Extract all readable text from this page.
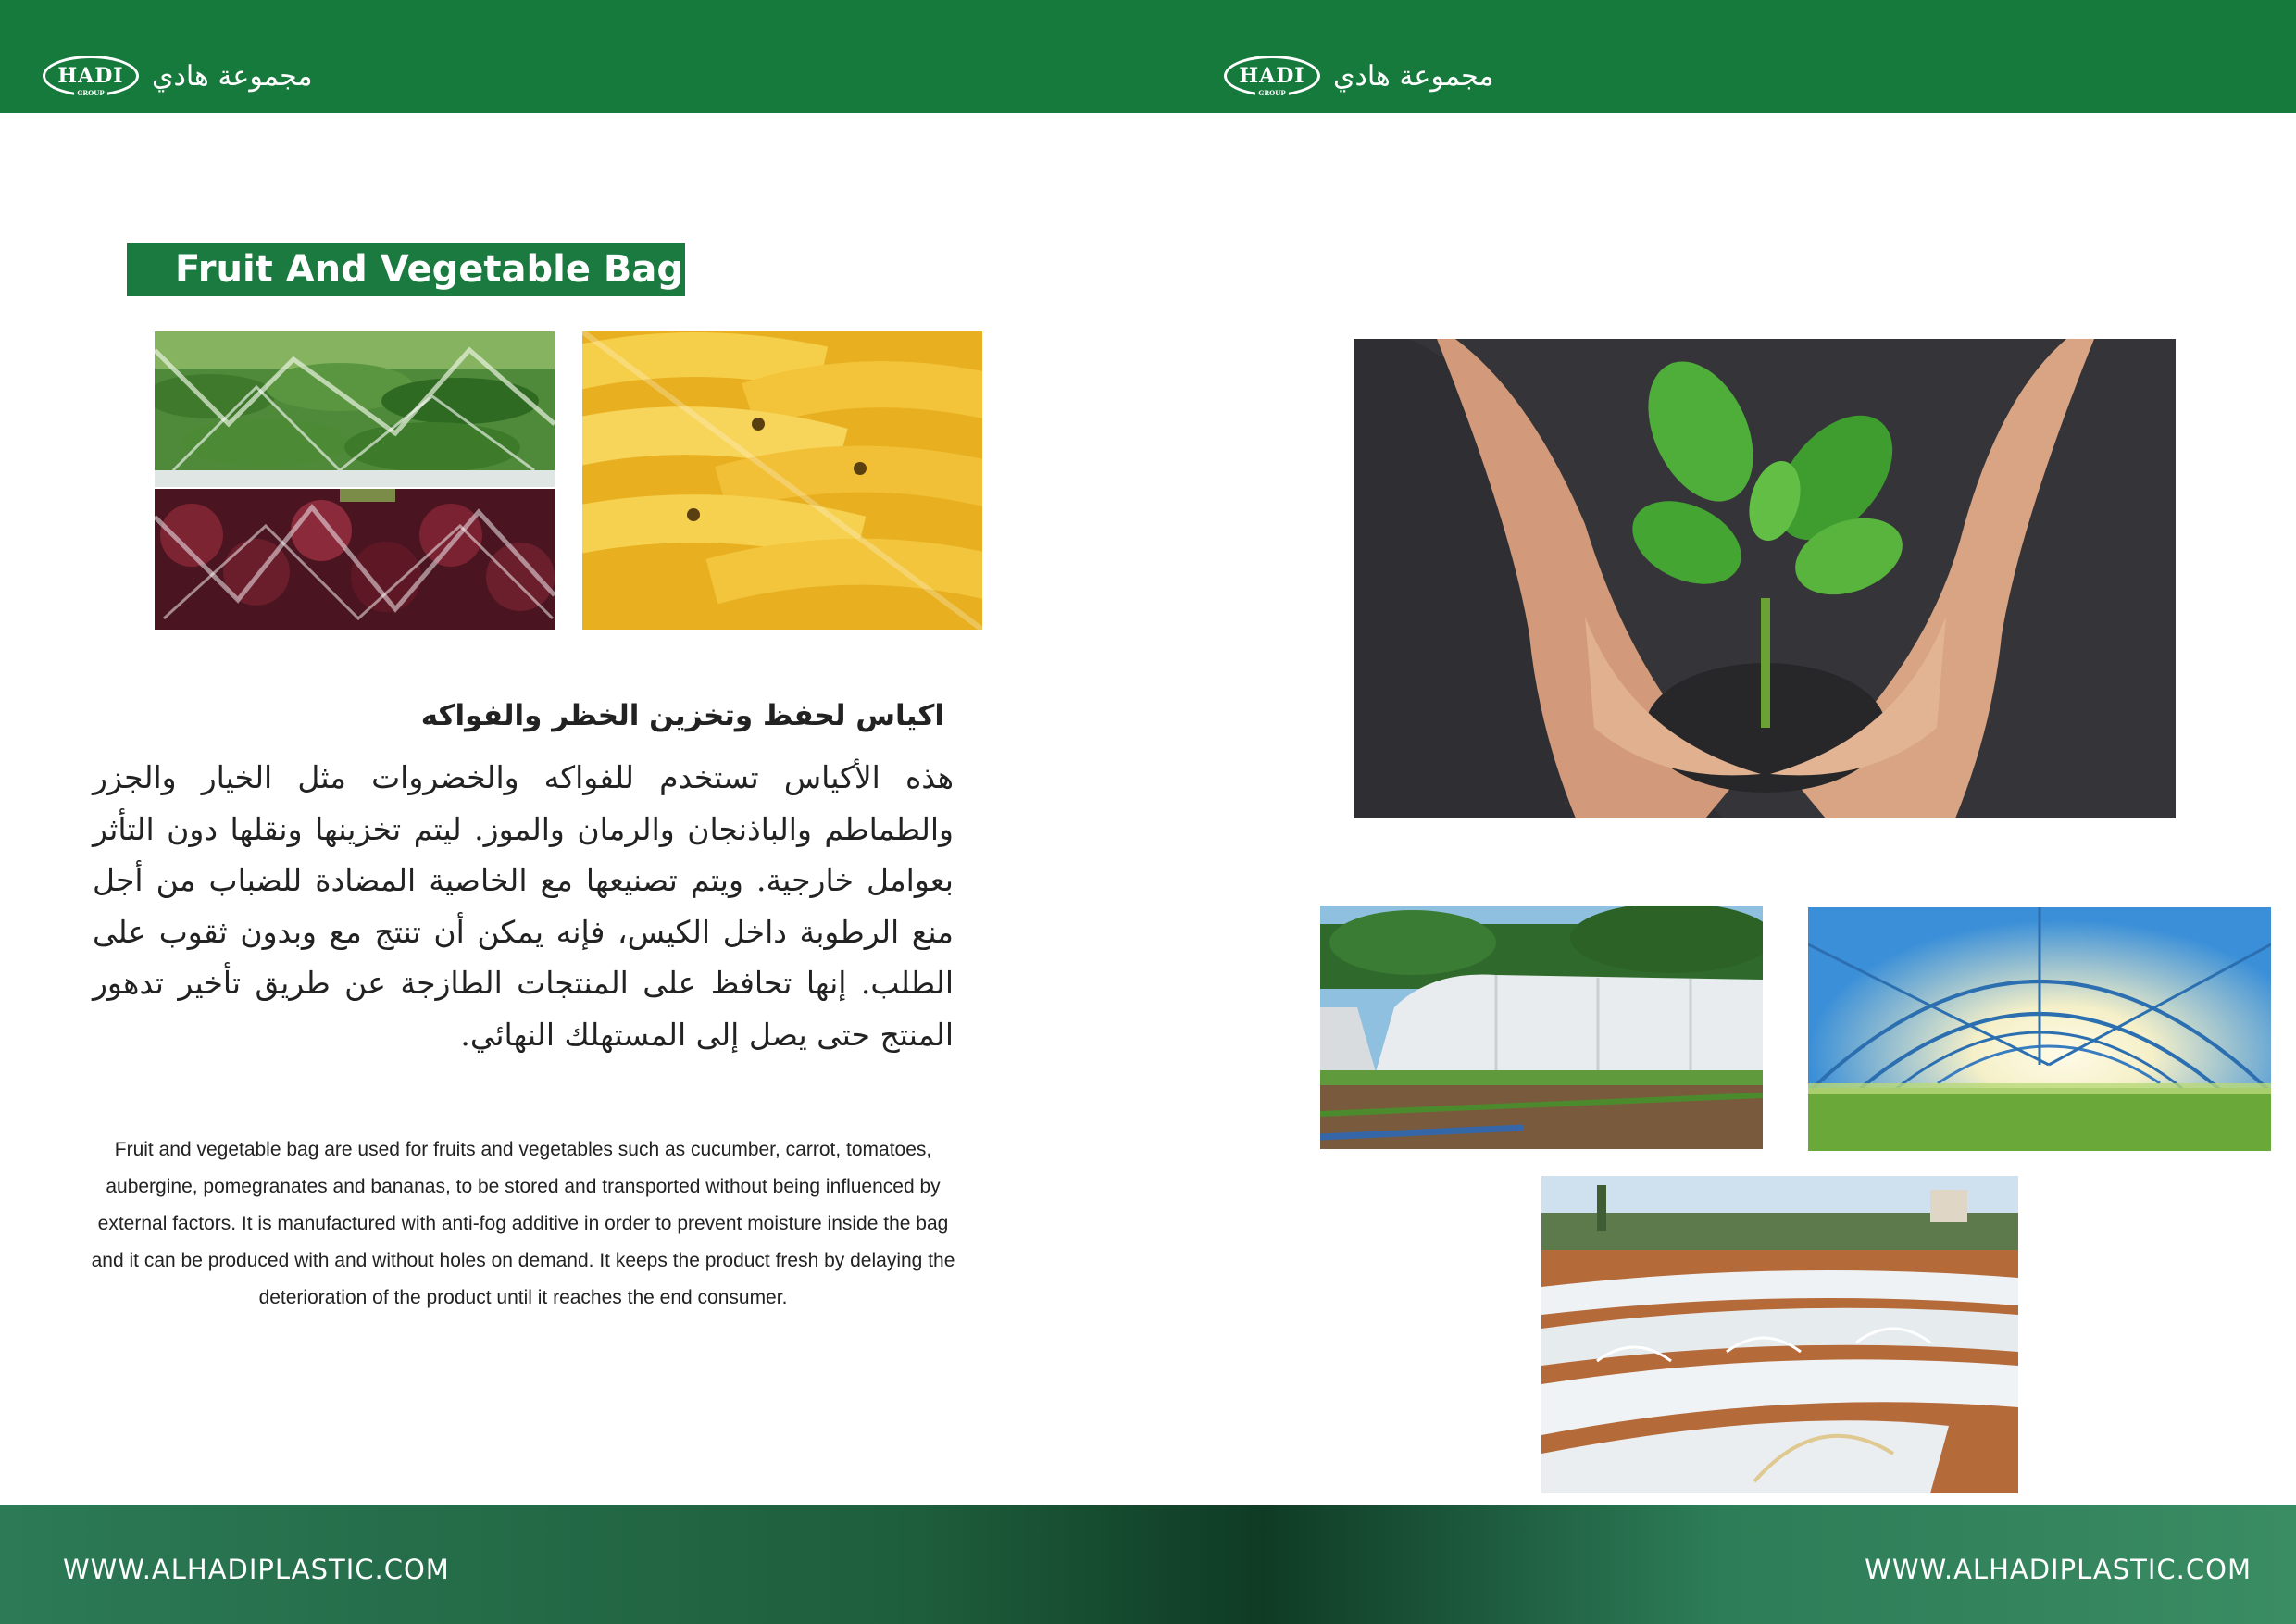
HADI
GROUP
مجموعة هادي	HADI
GROUP
مجموعة هادي
Fruit And Vegetable Bag
اكياس لحفظ وتخزين الخظر والفواكه
هذه الأكياس تستخدم للفواكه والخضروات مثل الخيار والجزر والطماطم والباذنجان والرمان والموز. ليتم تخزينها ونقلها دون التأثر بعوامل خارجية. ويتم تصنيعها مع الخاصية المضادة للضباب من أجل منع الرطوبة داخل الكيس، فإنه يمكن أن تنتج مع وبدون ثقوب على الطلب. إنها تحافظ على المنتجات الطازجة عن طريق تأخير تدهور المنتج حتى يصل إلى المستهلك النهائي.
Fruit and vegetable bag are used for fruits and vegetables such as cucumber, carrot, tomatoes, aubergine, pomegranates and bananas, to be stored and transported without being influenced by external factors. It is manufactured with anti-fog additive in order to prevent moisture inside the bag and it can be produced with and without holes on demand. It keeps the product fresh by delaying the deterioration of the product until it reaches the end consumer.
WWW.ALHADIPLASTIC.COM	WWW.ALHADIPLASTIC.COM
